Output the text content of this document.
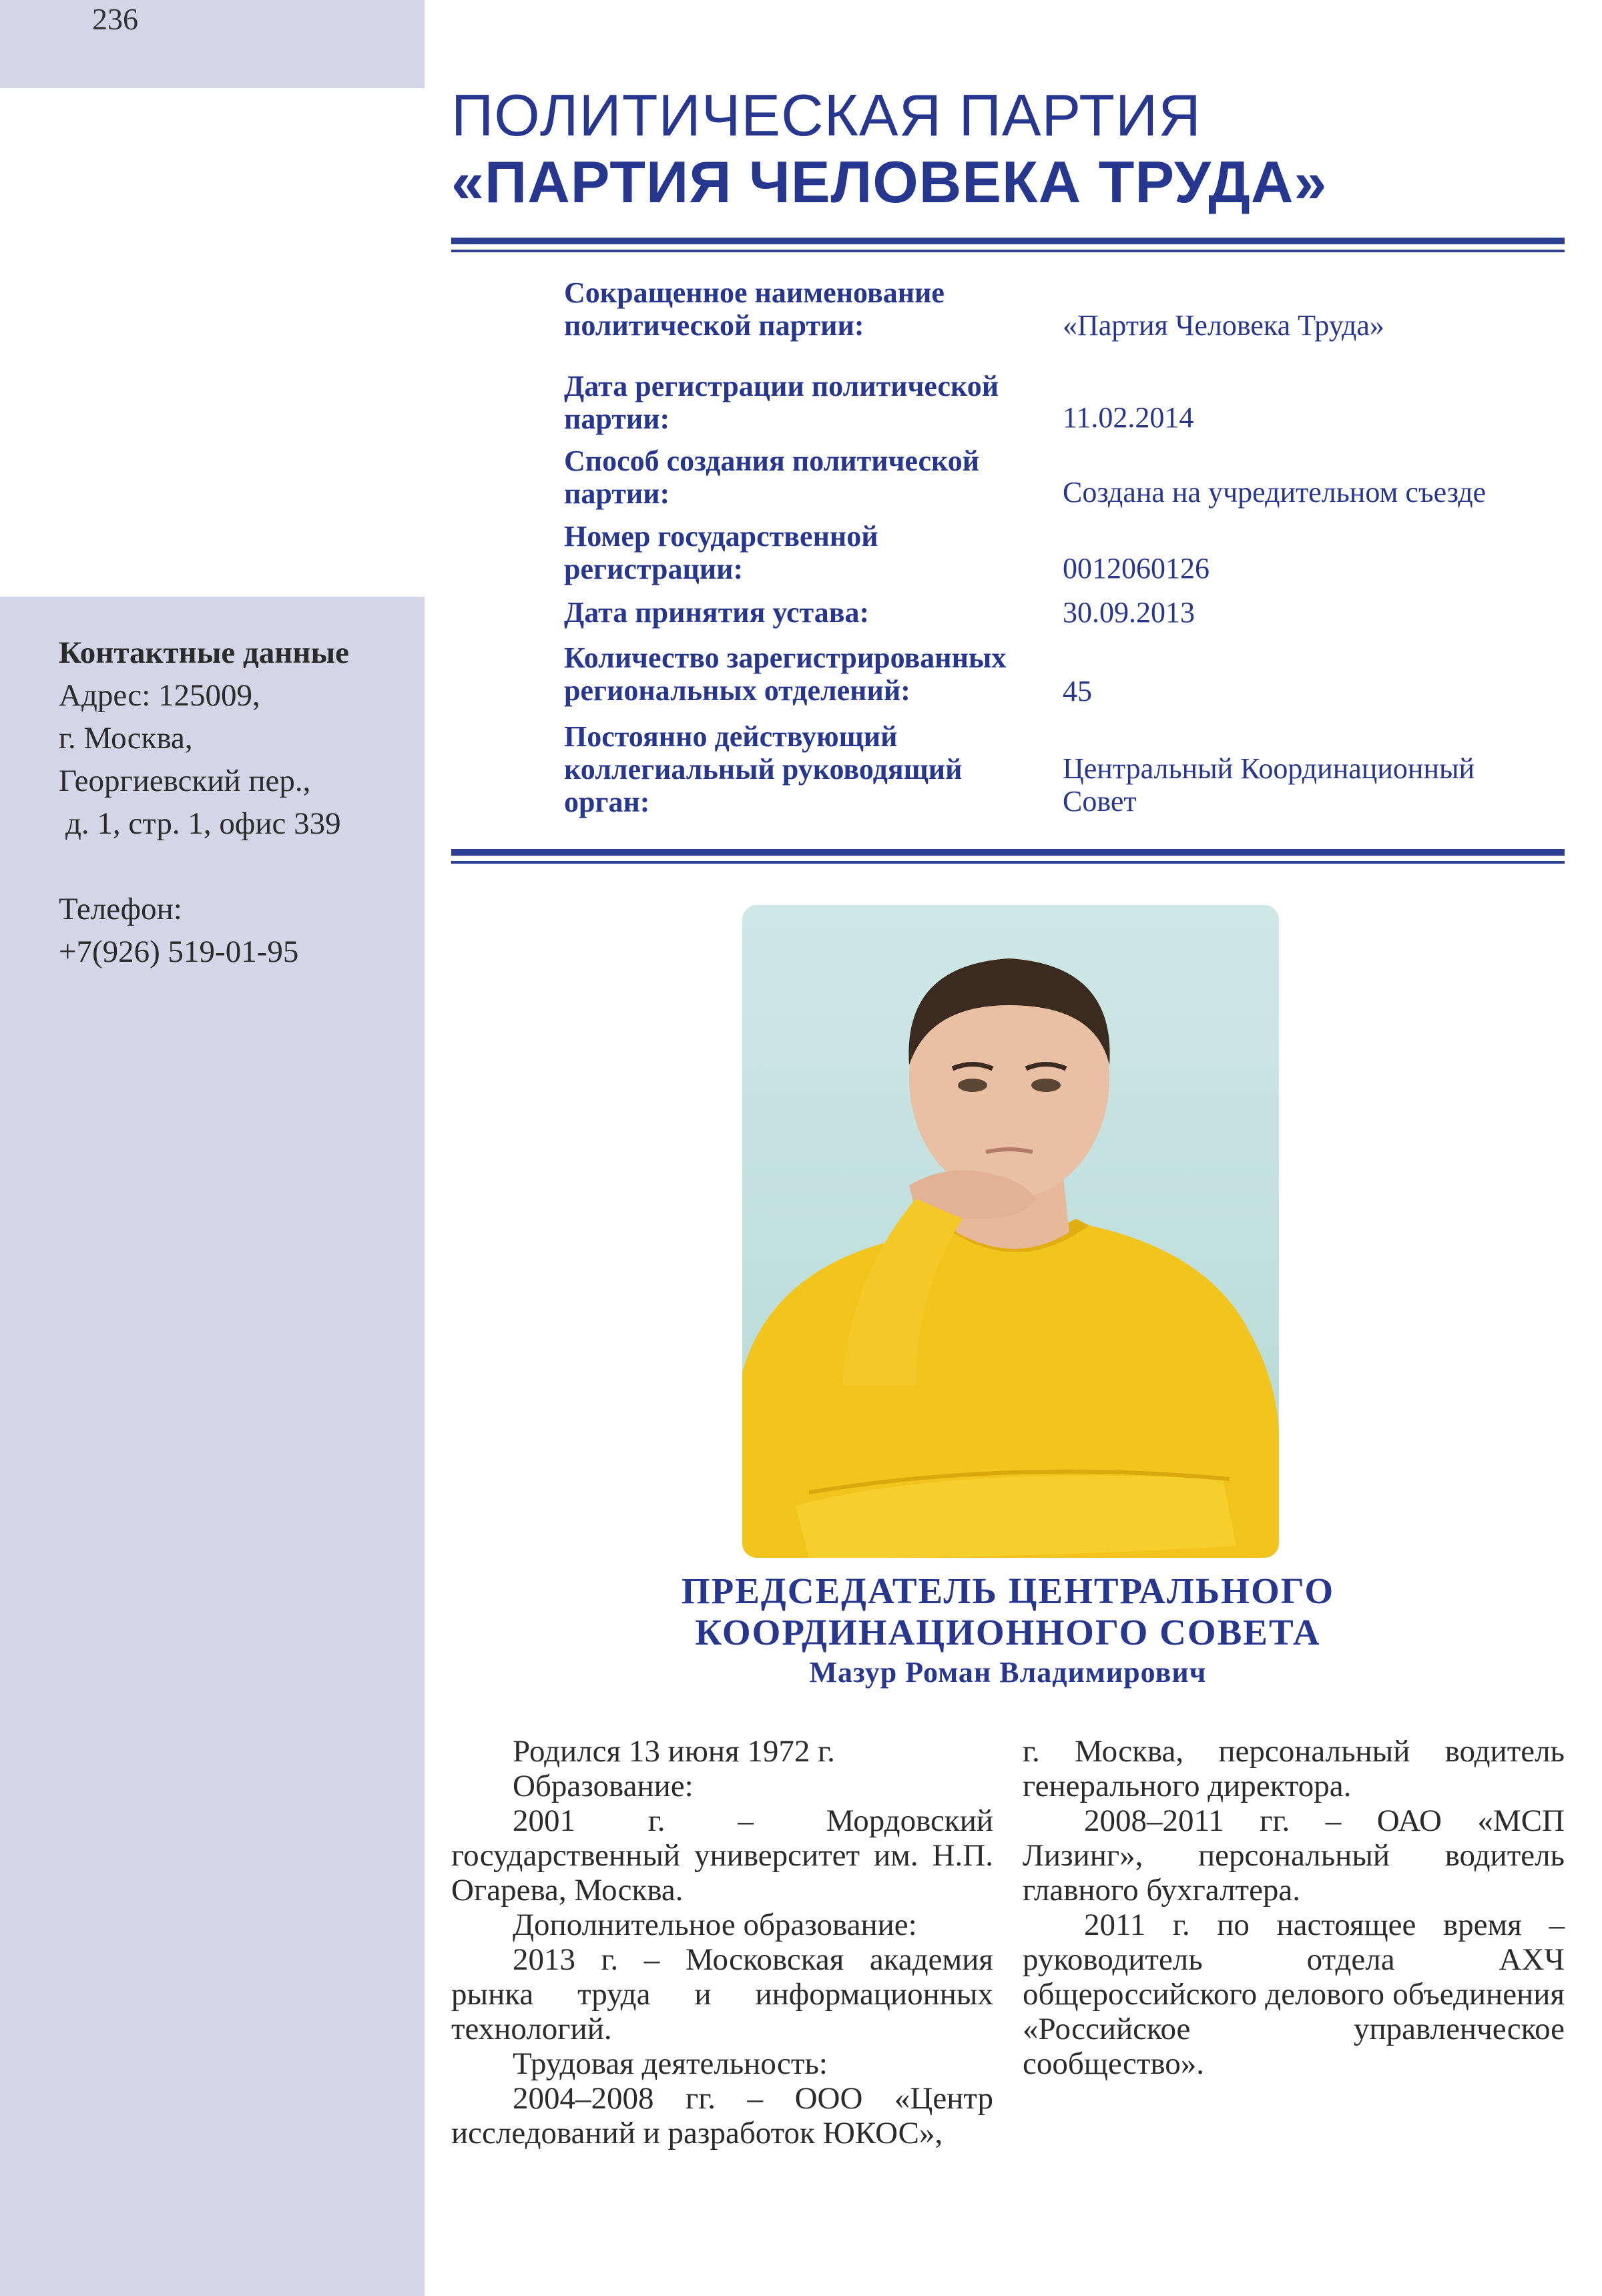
236
ПОЛИТИЧЕСКАЯ ПАРТИЯ
«ПАРТИЯ ЧЕЛОВЕКА ТРУДА»
Сокращенное наименование
политической партии:	«Партия Человека Труда»
Дата регистрации политической
партии:	11.02.2014
Способ создания политической
партии:	Создана на учредительном съезде
Номер государственной
регистрации:	0012060126
Дата принятия устава:	30.09.2013
Количество зарегистрированных
региональных отделений:	45
Постоянно действующий
коллегиальный руководящий
орган:
Центральный Координационный
Совет
Контактные данные
Адрес: 125009,
г. Москва,
Георгиевский пер.,
д. 1, стр. 1, офис 339
Телефон:
+7(926) 519-01-95
ПРЕДСЕДАТЕЛЬ ЦЕНТРАЛЬНОГО
КООРДИНАЦИОННОГО СОВЕТА
Мазур Роман Владимирович

Родился 13 июня 1972 г.

Образование:

2001 г. – Мордовский государственный университет им. Н.П. Огарева, Москва.

Дополнительное образование:

2013 г. – Московская академия рынка труда и информационных технологий.

Трудовая деятельность:

2004–2008 гг. – ООО «Центр исследований и разработок ЮКОС»,

г. Москва, персональный водитель генерального директора.

2008–2011 гг. – ОАО «МСП Лизинг», персональный водитель главного бухгалтера.

2011 г. по настоящее время – руководитель отдела АХЧ общероссийского делового объединения «Российское управленческое сообщество».
